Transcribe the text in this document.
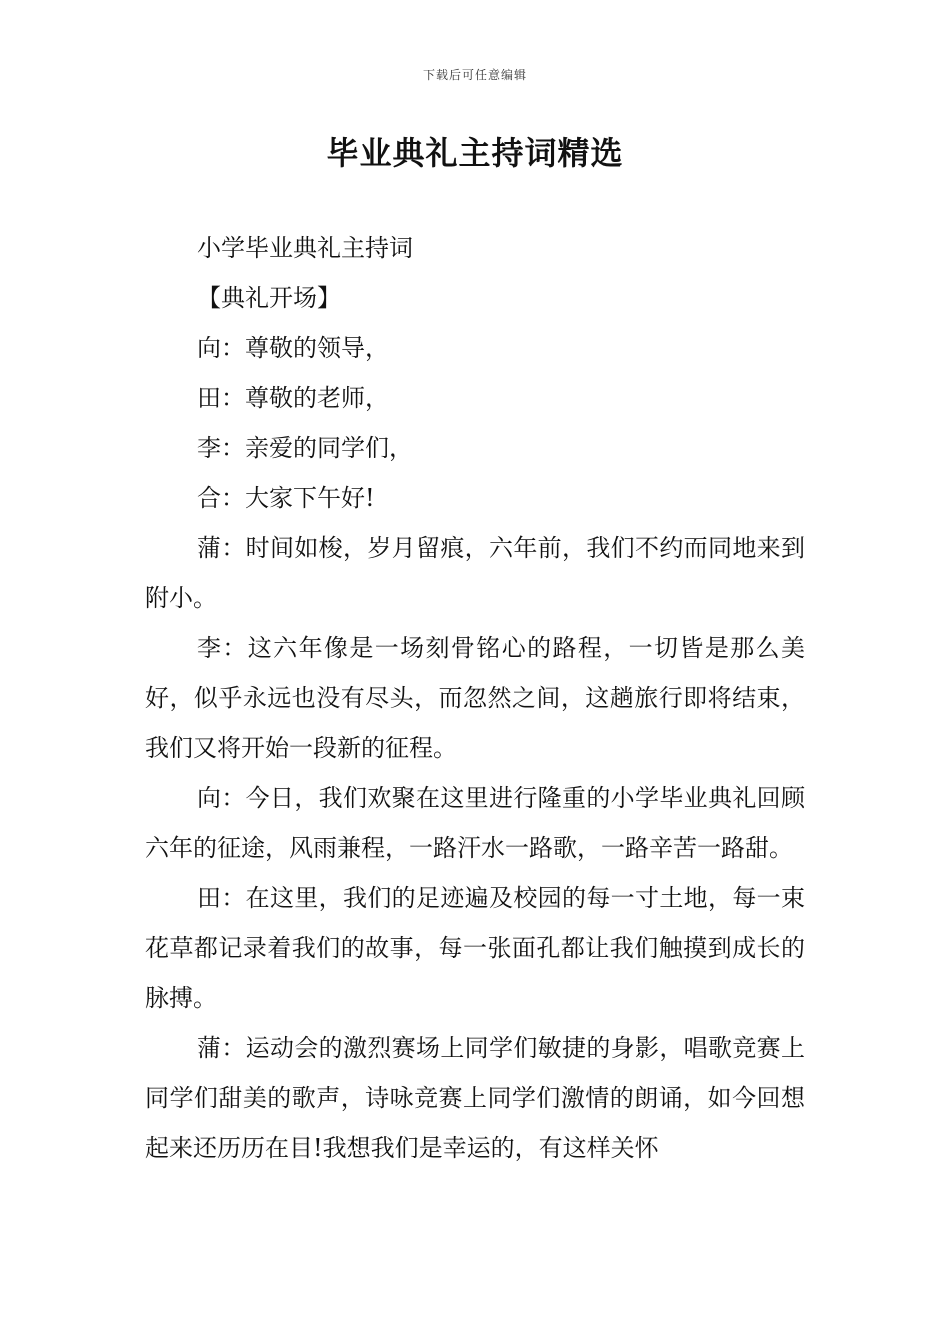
下载后可任意编辑
毕业典礼主持词精选

小学毕业典礼主持词

【典礼开场】

向：尊敬的领导，

田：尊敬的老师，

李：亲爱的同学们，

合：大家下午好!

蒲：时间如梭，岁月留痕，六年前，我们不约而同地来到附小。

李：这六年像是一场刻骨铭心的路程，一切皆是那么美好，似乎永远也没有尽头，而忽然之间，这趟旅行即将结束，我们又将开始一段新的征程。

向：今日，我们欢聚在这里进行隆重的小学毕业典礼回顾六年的征途，风雨兼程，一路汗水一路歌，一路辛苦一路甜。

田：在这里，我们的足迹遍及校园的每一寸土地，每一束花草都记录着我们的故事，每一张面孔都让我们触摸到成长的脉搏。

蒲：运动会的激烈赛场上同学们敏捷的身影，唱歌竞赛上同学们甜美的歌声，诗咏竞赛上同学们激情的朗诵，如今回想起来还历历在目!我想我们是幸运的，有这样关怀
